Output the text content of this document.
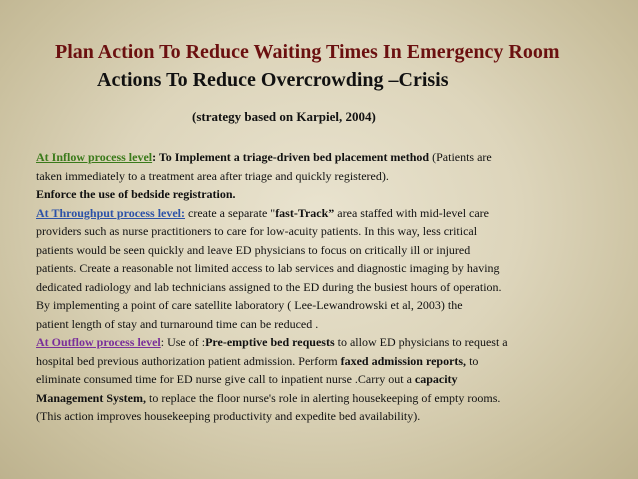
Plan Action To Reduce Waiting Times In Emergency Room
Actions To Reduce Overcrowding –Crisis
(strategy based on Karpiel, 2004)
At Inflow process level: To Implement a triage-driven bed placement method (Patients are
taken immediately to a treatment area after triage and quickly registered).
Enforce the use of bedside registration.
At Throughput process level: create a separate "fast-Track” area staffed with mid-level care
providers such as nurse practitioners to care for low-acuity patients. In this way, less critical
patients would be seen quickly and leave ED physicians to focus on critically ill or injured
patients. Create a reasonable not limited access to lab services and diagnostic imaging by having
dedicated radiology and lab technicians assigned to the ED during the busiest hours of operation.
By implementing a point of care satellite laboratory ( Lee-Lewandrowski et al, 2003) the
patient length of stay and turnaround time can be reduced .
At Outflow process level: Use of :Pre-emptive bed requests to allow ED physicians to request a
hospital bed previous authorization patient admission. Perform faxed admission reports, to
eliminate consumed time for ED nurse give call to inpatient nurse .Carry out a capacity
Management System, to replace the floor nurse's role in alerting housekeeping of empty rooms.
(This action improves housekeeping productivity and expedite bed availability).
